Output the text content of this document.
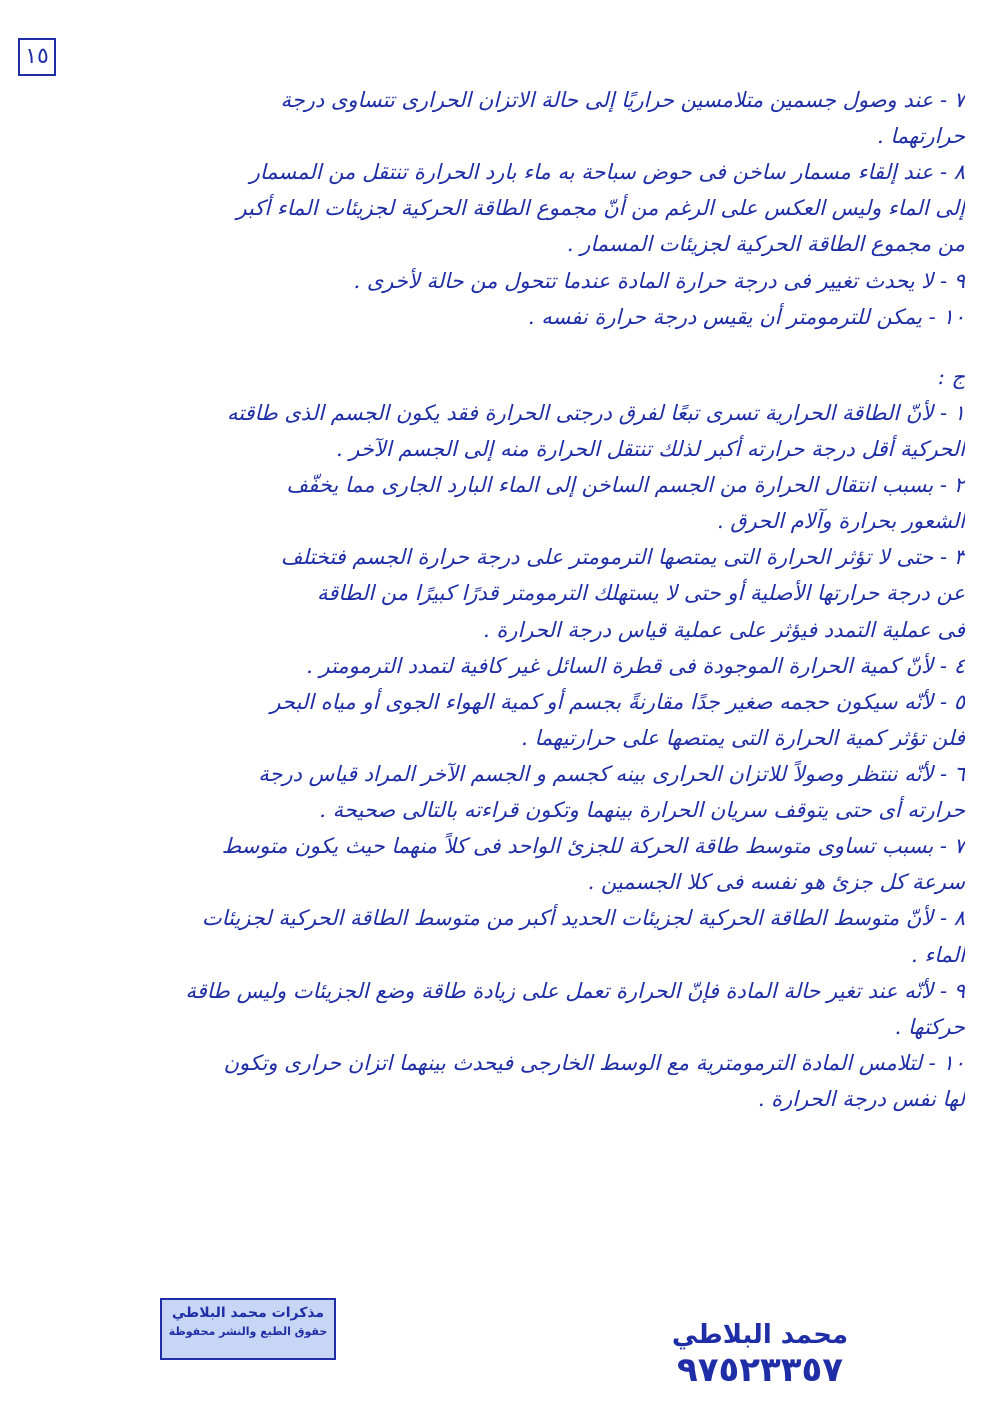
١٥
٧ - عند وصول جسمين متلامسين حراريًا إلى حالة الاتزان الحرارى تتساوى درجة
حرارتهما .
٨ - عند إلقاء مسمار ساخن فى حوض سباحة به ماء بارد الحرارة تنتقل من المسمار
إلى الماء وليس العكس على الرغم من أنّ مجموع الطاقة الحركية لجزيئات الماء أكبر
من مجموع الطاقة الحركية لجزيئات المسمار .
٩ - لا يحدث تغيير فى درجة حرارة المادة عندما تتحول من حالة لأخرى .
١٠ - يمكن للترمومتر أن يقيس درجة حرارة نفسه .
ج :
١ - لأنّ الطاقة الحرارية تسرى تبعًا لفرق درجتى الحرارة فقد يكون الجسم الذى طاقته
الحركية أقل درجة حرارته أكبر لذلك تنتقل الحرارة منه إلى الجسم الآخر .
٢ - بسبب انتقال الحرارة من الجسم الساخن إلى الماء البارد الجارى مما يخفّف
الشعور بحرارة وآلام الحرق .
٣ - حتى لا تؤثر الحرارة التى يمتصها الترمومتر على درجة حرارة الجسم فتختلف
عن درجة حرارتها الأصلية أو حتى لا يستهلك الترمومتر قدرًا كبيرًا من الطاقة
فى عملية التمدد فيؤثر على عملية قياس درجة الحرارة .
٤ - لأنّ كمية الحرارة الموجودة فى قطرة السائل غير كافية لتمدد الترمومتر .
٥ - لأنّه سيكون حجمه صغير جدًا مقارنةً بجسم أو كمية الهواء الجوى أو مياه البحر
فلن تؤثر كمية الحرارة التى يمتصها على حرارتيهما .
٦ - لأنّه ننتظر وصولاً للاتزان الحرارى بينه كجسم و الجسم الآخر المراد قياس درجة
حرارته أى حتى يتوقف سريان الحرارة بينهما وتكون قراءته بالتالى صحيحة .
٧ - بسبب تساوى متوسط طاقة الحركة للجزئ الواحد فى كلاً منهما حيث يكون متوسط
سرعة كل جزئ هو نفسه فى كلا الجسمين .
٨ - لأنّ متوسط الطاقة الحركية لجزيئات الحديد أكبر من متوسط الطاقة الحركية لجزيئات
الماء .
٩ - لأنّه عند تغير حالة المادة فإنّ الحرارة تعمل على زيادة طاقة وضع الجزيئات وليس طاقة
حركتها .
١٠ - لتلامس المادة الترمومترية مع الوسط الخارجى فيحدث بينهما اتزان حرارى وتكون
لها نفس درجة الحرارة .
مذكرات محمد البلاطي
حقوق الطبع والنشر محفوظة	محمد البلاطي
٩٧٥٢٣٣٥٧
